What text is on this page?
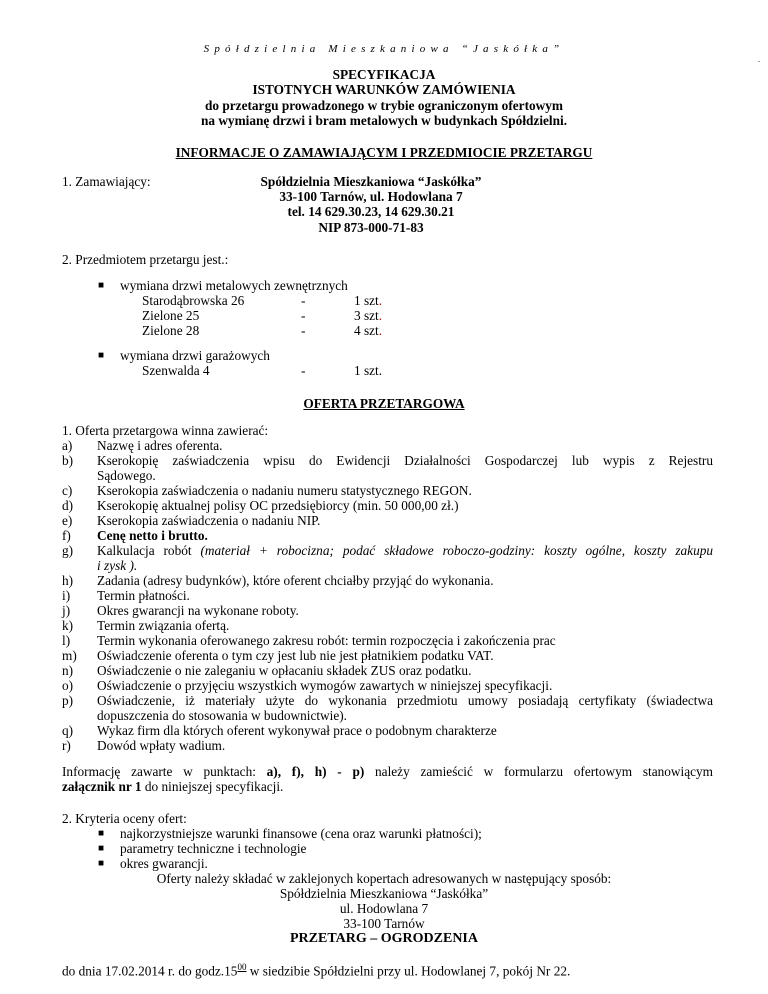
Spółdzielnia Mieszkaniowa “Jaskółka”
.
SPECYFIKACJA
ISTOTNYCH WARUNKÓW ZAMÓWIENIA
do przetargu prowadzonego w trybie ograniczonym ofertowym
na wymianę drzwi i bram metalowych w budynkach Spółdzielni.
INFORMACJE O ZAMAWIAJĄCYM I PRZEDMIOCIE PRZETARGU
1. Zamawiający:	Spółdzielnia Mieszkaniowa “Jaskółka”
33-100 Tarnów, ul. Hodowlana 7
tel. 14 629.30.23, 14 629.30.21
NIP 873-000-71-83
2. Przedmiotem przetargu jest.:
■ wymiana drzwi metalowych zewnętrznych
Starodąbrowska 26	-	1 szt.
Zielone 25	-	3 szt.
Zielone 28	-	4 szt.
■ wymiana drzwi garażowych
Szenwalda 4	-	1 szt.
OFERTA PRZETARGOWA
1. Oferta przetargowa winna zawierać:
a) Nazwę i adres oferenta.
b) Kserokopię zaświadczenia wpisu do Ewidencji Działalności Gospodarczej lub wypis z Rejestru
Sądowego.
c) Kserokopia zaświadczenia o nadaniu numeru statystycznego REGON.
d) Kserokopię aktualnej polisy OC przedsiębiorcy (min. 50 000,00 zł.)
e) Kserokopia zaświadczenia o nadaniu NIP.
f) Cenę netto i brutto.
g) Kalkulacja robót (materiał + robocizna; podać składowe roboczo-godziny: koszty ogólne, koszty zakupu
i zysk ).
h) Zadania (adresy budynków), które oferent chciałby przyjąć do wykonania.
i) Termin płatności.
j) Okres gwarancji na wykonane roboty.
k) Termin związania ofertą.
l) Termin wykonania oferowanego zakresu robót: termin rozpoczęcia i zakończenia prac
m) Oświadczenie oferenta o tym czy jest lub nie jest płatnikiem podatku VAT.
n) Oświadczenie o nie zaleganiu w opłacaniu składek ZUS oraz podatku.
o) Oświadczenie o przyjęciu wszystkich wymogów zawartych w niniejszej specyfikacji.
p) Oświadczenie, iż materiały użyte do wykonania przedmiotu umowy posiadają certyfikaty (świadectwa
dopuszczenia do stosowania w budownictwie).
q) Wykaz firm dla których oferent wykonywał prace o podobnym charakterze
r) Dowód wpłaty wadium.
Informację zawarte w punktach: a), f), h) - p) należy zamieścić w formularzu ofertowym stanowiącym
załącznik nr 1 do niniejszej specyfikacji.
2. Kryteria oceny ofert:
■ najkorzystniejsze warunki finansowe (cena oraz warunki płatności);
■ parametry techniczne i technologie
■ okres gwarancji.
Oferty należy składać w zaklejonych kopertach adresowanych w następujący sposób:
Spółdzielnia Mieszkaniowa “Jaskółka”
ul. Hodowlana 7
33-100 Tarnów
PRZETARG – OGRODZENIA
do dnia 17.02.2014 r. do $godz.15^{00}$ w siedzibie Spółdzielni przy ul. Hodowlanej 7, pokój Nr 22.
